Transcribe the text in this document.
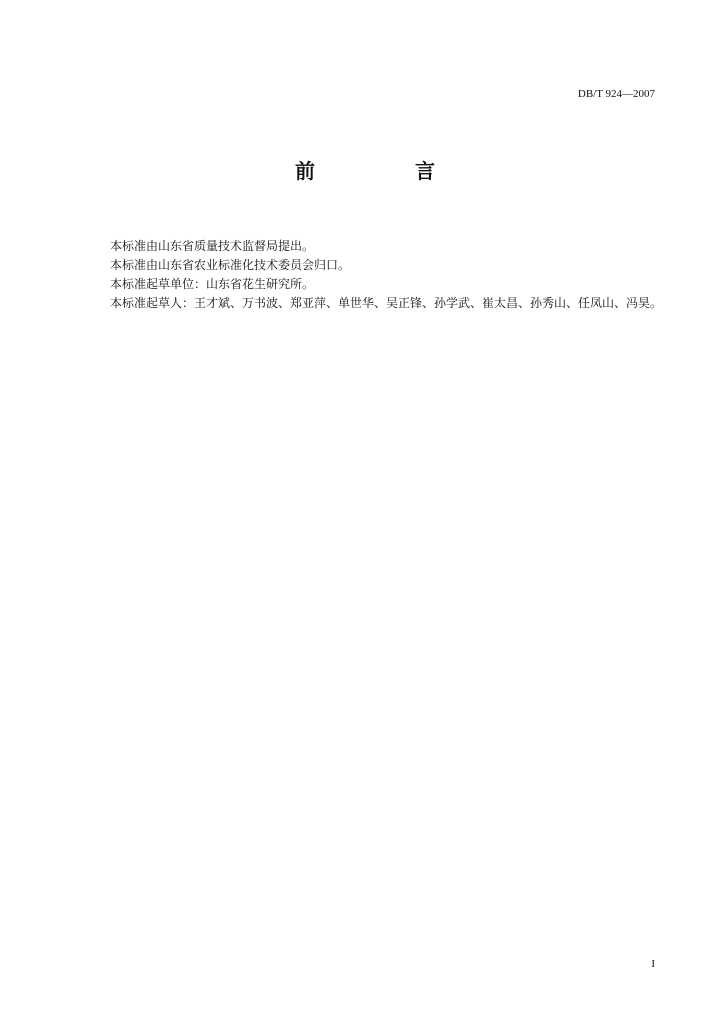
DB/T 924—2007
前　言

本标准由山东省质量技术监督局提出。

本标准由山东省农业标准化技术委员会归口。

本标准起草单位：山东省花生研究所。

本标准起草人：王才斌、万书波、郑亚萍、单世华、吴正锋、孙学武、崔太昌、孙秀山、任凤山、冯昊。

I
